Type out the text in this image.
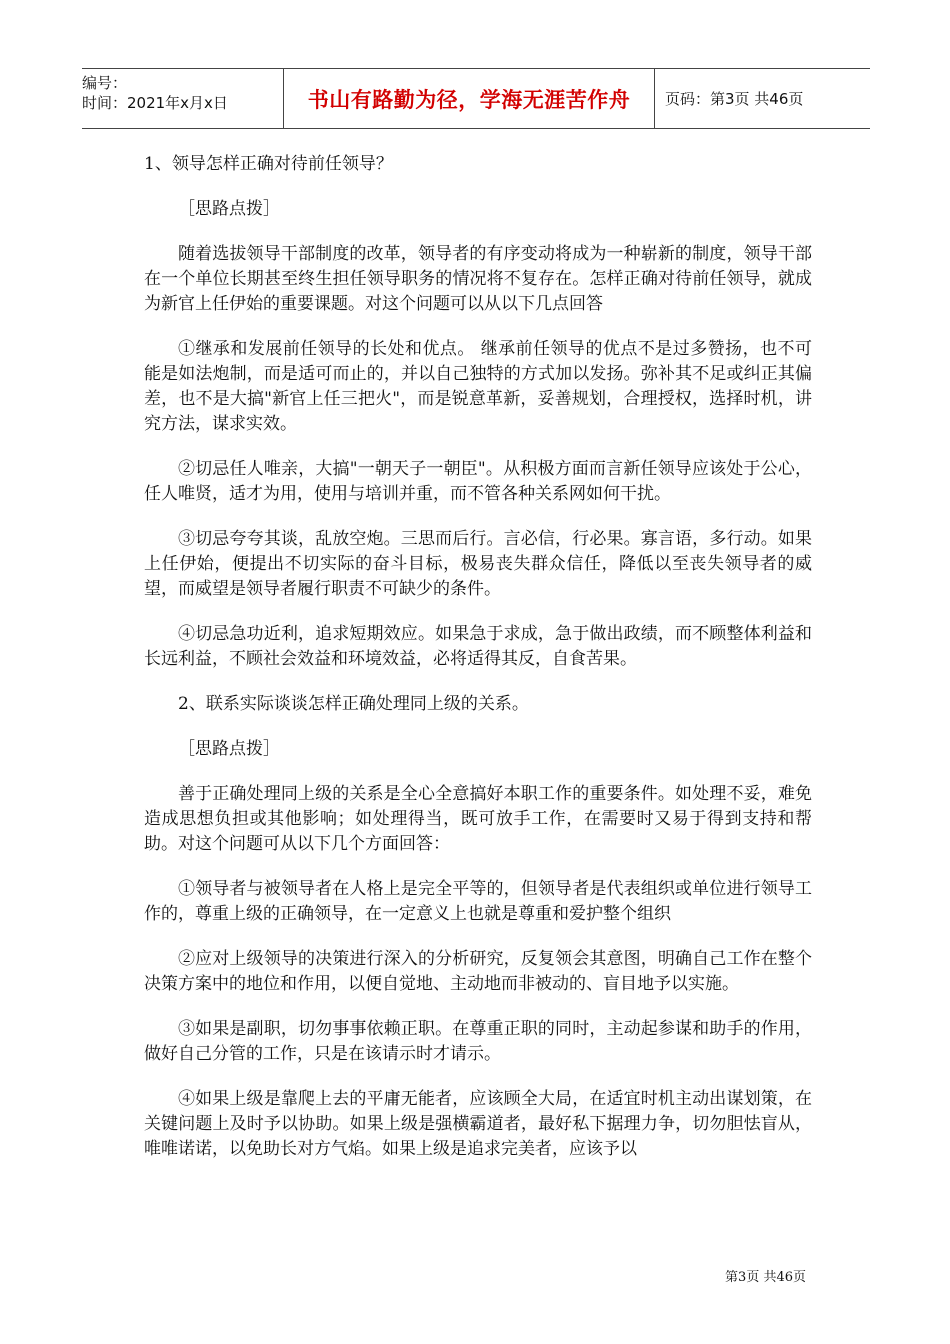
编号：
时间：2021年x月x日	书山有路勤为径，学海无涯苦作舟	页码：第3页 共46页

1、领导怎样正确对待前任领导？

［思路点拨］

随着选拔领导干部制度的改革，领导者的有序变动将成为一种崭新的制度，领导干部在一个单位长期甚至终生担任领导职务的情况将不复存在。怎样正确对待前任领导，就成为新官上任伊始的重要课题。对这个问题可以从以下几点回答

①继承和发展前任领导的长处和优点。 继承前任领导的优点不是过多赞扬，也不可能是如法炮制，而是适可而止的，并以自己独特的方式加以发扬。弥补其不足或纠正其偏差，也不是大搞"新官上任三把火"，而是锐意革新，妥善规划，合理授权，选择时机，讲究方法，谋求实效。

②切忌任人唯亲，大搞"一朝天子一朝臣"。从积极方面而言新任领导应该处于公心，任人唯贤，适才为用，使用与培训并重，而不管各种关系网如何干扰。

③切忌夸夸其谈，乱放空炮。三思而后行。言必信，行必果。寡言语，多行动。如果上任伊始，便提出不切实际的奋斗目标，极易丧失群众信任，降低以至丧失领导者的威望，而威望是领导者履行职责不可缺少的条件。

④切忌急功近利，追求短期效应。如果急于求成，急于做出政绩，而不顾整体利益和长远利益，不顾社会效益和环境效益，必将适得其反，自食苦果。

2、联系实际谈谈怎样正确处理同上级的关系。

［思路点拨］

善于正确处理同上级的关系是全心全意搞好本职工作的重要条件。如处理不妥，难免造成思想负担或其他影响；如处理得当，既可放手工作，在需要时又易于得到支持和帮助。对这个问题可从以下几个方面回答：

①领导者与被领导者在人格上是完全平等的，但领导者是代表组织或单位进行领导工作的，尊重上级的正确领导，在一定意义上也就是尊重和爱护整个组织

②应对上级领导的决策进行深入的分析研究，反复领会其意图，明确自己工作在整个决策方案中的地位和作用，以便自觉地、主动地而非被动的、盲目地予以实施。

③如果是副职，切勿事事依赖正职。在尊重正职的同时，主动起参谋和助手的作用，做好自己分管的工作，只是在该请示时才请示。

④如果上级是靠爬上去的平庸无能者，应该顾全大局，在适宜时机主动出谋划策，在关键问题上及时予以协助。如果上级是强横霸道者，最好私下据理力争，切勿胆怯盲从，唯唯诺诺，以免助长对方气焰。如果上级是追求完美者，应该予以

第3页 共46页
